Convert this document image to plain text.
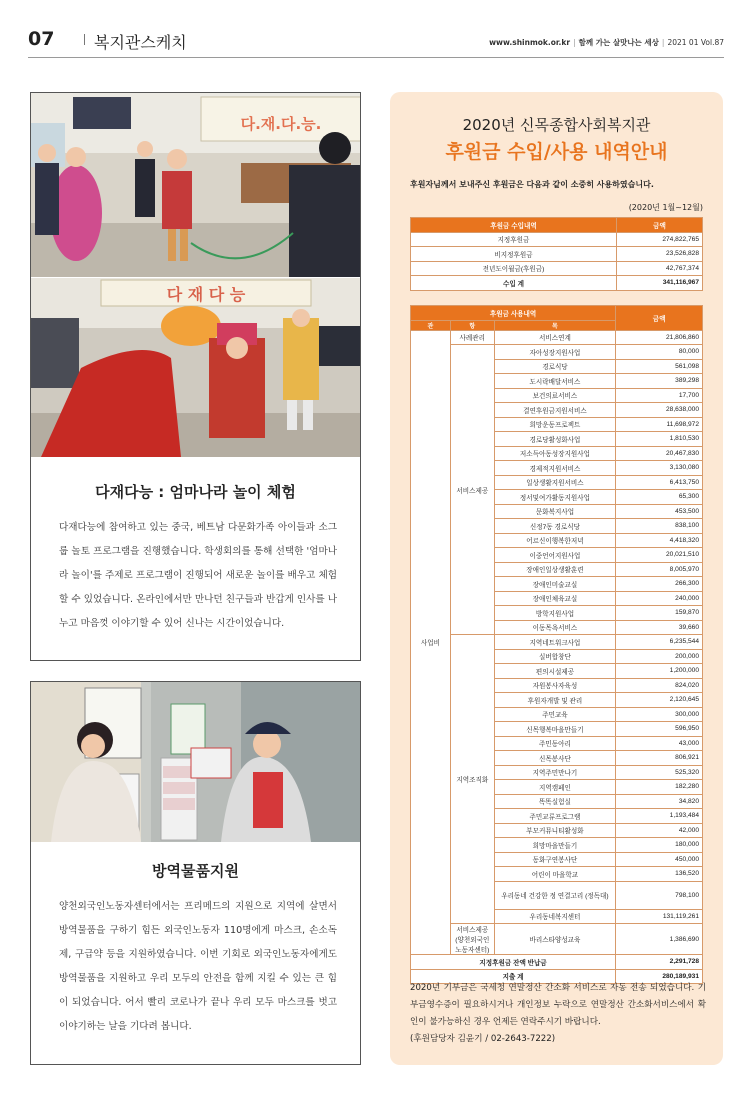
07 복지관스케치	www.shinmok.or.kr | 함께 가는 살맛나는 세상 | 2021 01 Vol.87
다.재.다.능.
다 재 다 능
다재다능 : 엄마나라 놀이 체험
다재다능에 참여하고 있는 중국, 베트남 다문화가족 아이들과 소그룹 놀토 프로그램을 진행했습니다. 학생회의를 통해 선택한 '엄마나라 놀이'를 주제로 프로그램이 진행되어 새로운 놀이를 배우고 체험할 수 있었습니다. 온라인에서만 만나던 친구들과 반갑게 인사를 나누고 마음껏 이야기할 수 있어 신나는 시간이었습니다.
방역물품지원
양천외국인노동자센터에서는 프리메드의 지원으로 지역에 살면서 방역물품을 구하기 힘든 외국인노동자 110명에게 마스크, 손소독제, 구급약 등을 지원하였습니다. 이번 기회로 외국인노동자에게도 방역물품을 지원하고 우리 모두의 안전을 함께 지킬 수 있는 큰 힘이 되었습니다. 어서 빨리 코로나가 끝나 우리 모두 마스크를 벗고 이야기하는 날을 기다려 봅니다.
2020년 신목종합사회복지관
후원금 수입/사용 내역안내
후원자님께서 보내주신 후원금은 다음과 같이 소중히 사용하였습니다.
(2020년 1월~12월)
후원금 수입내역	금액
지정후원금	274,822,765
비지정후원금	23,526,828
전년도이월금(후원금)	42,767,374
수입 계	341,116,967
후원금 사용내역			금액
관	항	목	
사업비	사례관리	서비스연계	21,806,860
	서비스제공	자아성장지원사업	80,000
		경로식당	561,098
		도시락배달서비스	389,298
		보건의료서비스	17,700
		결연후원금지원서비스	28,638,000
		희망운동프로젝트	11,698,972
		경로당활성화사업	1,810,530
		저소득아동성장지원사업	20,467,830
		경제적지원서비스	3,130,080
		일상생활지원서비스	6,413,750
		정서및여가활동지원사업	65,300
		문화복지사업	453,500
		신정7동 경로식당	838,100
		어르신이행복한저녁	4,418,320
		이중언어지원사업	20,021,510
		장애인일상생활훈련	8,005,970
		장애인미술교실	266,300
		장애인체육교실	240,000
		방학지원사업	159,870
		이동목욕서비스	39,660
	지역조직화	지역네트워크사업	6,235,544
		실버합창단	200,000
		편의시설제공	1,200,000
		자원봉사자육성	824,020
		후원자개발 및 관리	2,120,645
		주민교육	300,000
		신목행복마을만들기	596,950
		주민동아리	43,000
		신목봉사단	806,921
		지역주민만나기	525,320
		지역캠페인	182,280
		똑똑실험실	34,820
		주민교류프로그램	1,193,484
		부모커뮤니티활성화	42,000
		희망마을만들기	180,000
		동화구연봉사단	450,000
		어린이 마을학교	136,520
		우리동네 건강한 정 연결고리 (정독대)	798,100
		우리동네복지센터	131,119,261
	서비스제공 (양천외국인 노동자센터)	바리스타양성교육	1,386,690
지정후원금 잔액 반납금			2,291,728
지출 계			280,189,931
2020년 기부금은 국세청 연말정산 간소화 서비스로 자동 전송 되었습니다. 기부금영수증이 필요하시거나 개인정보 누락으로 연말정산 간소화서비스에서 확인이 불가능하신 경우 언제든 연락주시기 바랍니다.
(후원담당자 김윤기 / 02-2643-7222)
